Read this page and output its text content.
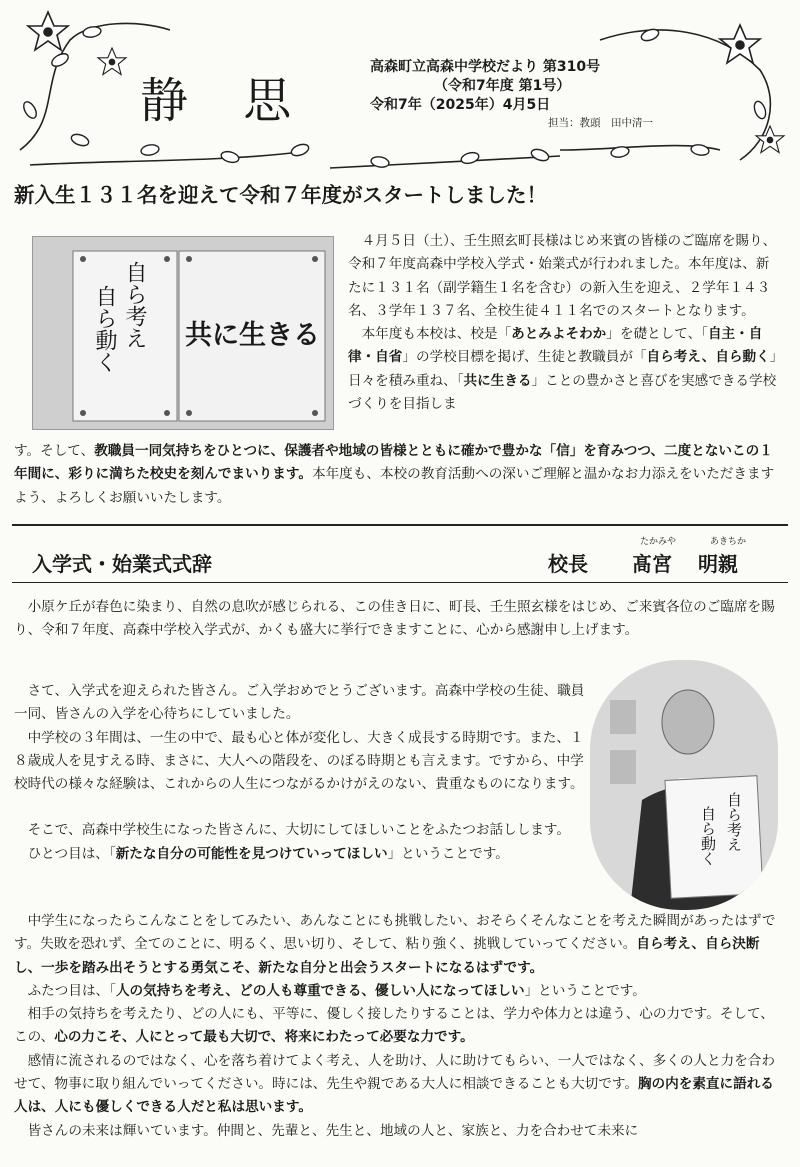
静 思
高森町立高森中学校だより 第310号
（令和7年度 第1号）
令和7年（2025年）4月5日
担当：教頭　田中清一
新入生１３１名を迎えて令和７年度がスタートしました！
自ら考え
自ら動く	共に生きる

　４月５日（土）、壬生照玄町長様はじめ来賓の皆様のご臨席を賜り、令和７年度高森中学校入学式・始業式が行われました。本年度は、新たに１３１名（副学籍生１名を含む）の新入生を迎え、２学年１４３名、３学年１３７名、全校生徒４１１名でのスタートとなります。

　本年度も本校は、校是「あとみよそわか」を礎として、「自主・自律・自省」の学校目標を掲げ、生徒と教職員が「自ら考え、自ら動く」日々を積み重ね、「共に生きる」ことの豊かさと喜びを実感できる学校づくりを目指しま

す。そして、教職員一同気持ちをひとつに、保護者や地域の皆様とともに確かで豊かな「信」を育みつつ、二度とないこの１年間に、彩りに満ちた校史を刻んでまいります。本年度も、本校の教育活動への深いご理解と温かなお力添えをいただきますよう、よろしくお願いいたします。

入学式・始業式式辞	校長
たかみや
髙宮
あきちか
明親
自ら考え
自ら動く

　小原ケ丘が春色に染まり、自然の息吹が感じられる、この佳き日に、町長、壬生照玄様をはじめ、ご来賓各位のご臨席を賜り、令和７年度、高森中学校入学式が、かくも盛大に挙行できますことに、心から感謝申し上げます。

　さて、入学式を迎えられた皆さん。ご入学おめでとうございます。高森中学校の生徒、職員一同、皆さんの入学を心待ちにしていました。

　中学校の３年間は、一生の中で、最も心と体が変化し、大きく成長する時期です。また、１８歳成人を見すえる時、まさに、大人への階段を、のぼる時期とも言えます。ですから、中学校時代の様々な経験は、これからの人生につながるかけがえのない、貴重なものになります。

　そこで、高森中学校生になった皆さんに、大切にしてほしいことをふたつお話しします。

　ひとつ目は、「新たな自分の可能性を見つけていってほしい」ということです。

　中学生になったらこんなことをしてみたい、あんなことにも挑戦したい、おそらくそんなことを考えた瞬間があったはずです。失敗を恐れず、全てのことに、明るく、思い切り、そして、粘り強く、挑戦していってください。自ら考え、自ら決断し、一歩を踏み出そうとする勇気こそ、新たな自分と出会うスタートになるはずです。

　ふたつ目は、「人の気持ちを考え、どの人も尊重できる、優しい人になってほしい」ということです。

　相手の気持ちを考えたり、どの人にも、平等に、優しく接したりすることは、学力や体力とは違う、心の力です。そして、この、心の力こそ、人にとって最も大切で、将来にわたって必要な力です。

　感情に流されるのではなく、心を落ち着けてよく考え、人を助け、人に助けてもらい、一人ではなく、多くの人と力を合わせて、物事に取り組んでいってください。時には、先生や親である大人に相談できることも大切です。胸の内を素直に語れる人は、人にも優しくできる人だと私は思います。

　皆さんの未来は輝いています。仲間と、先輩と、先生と、地域の人と、家族と、力を合わせて未来に
